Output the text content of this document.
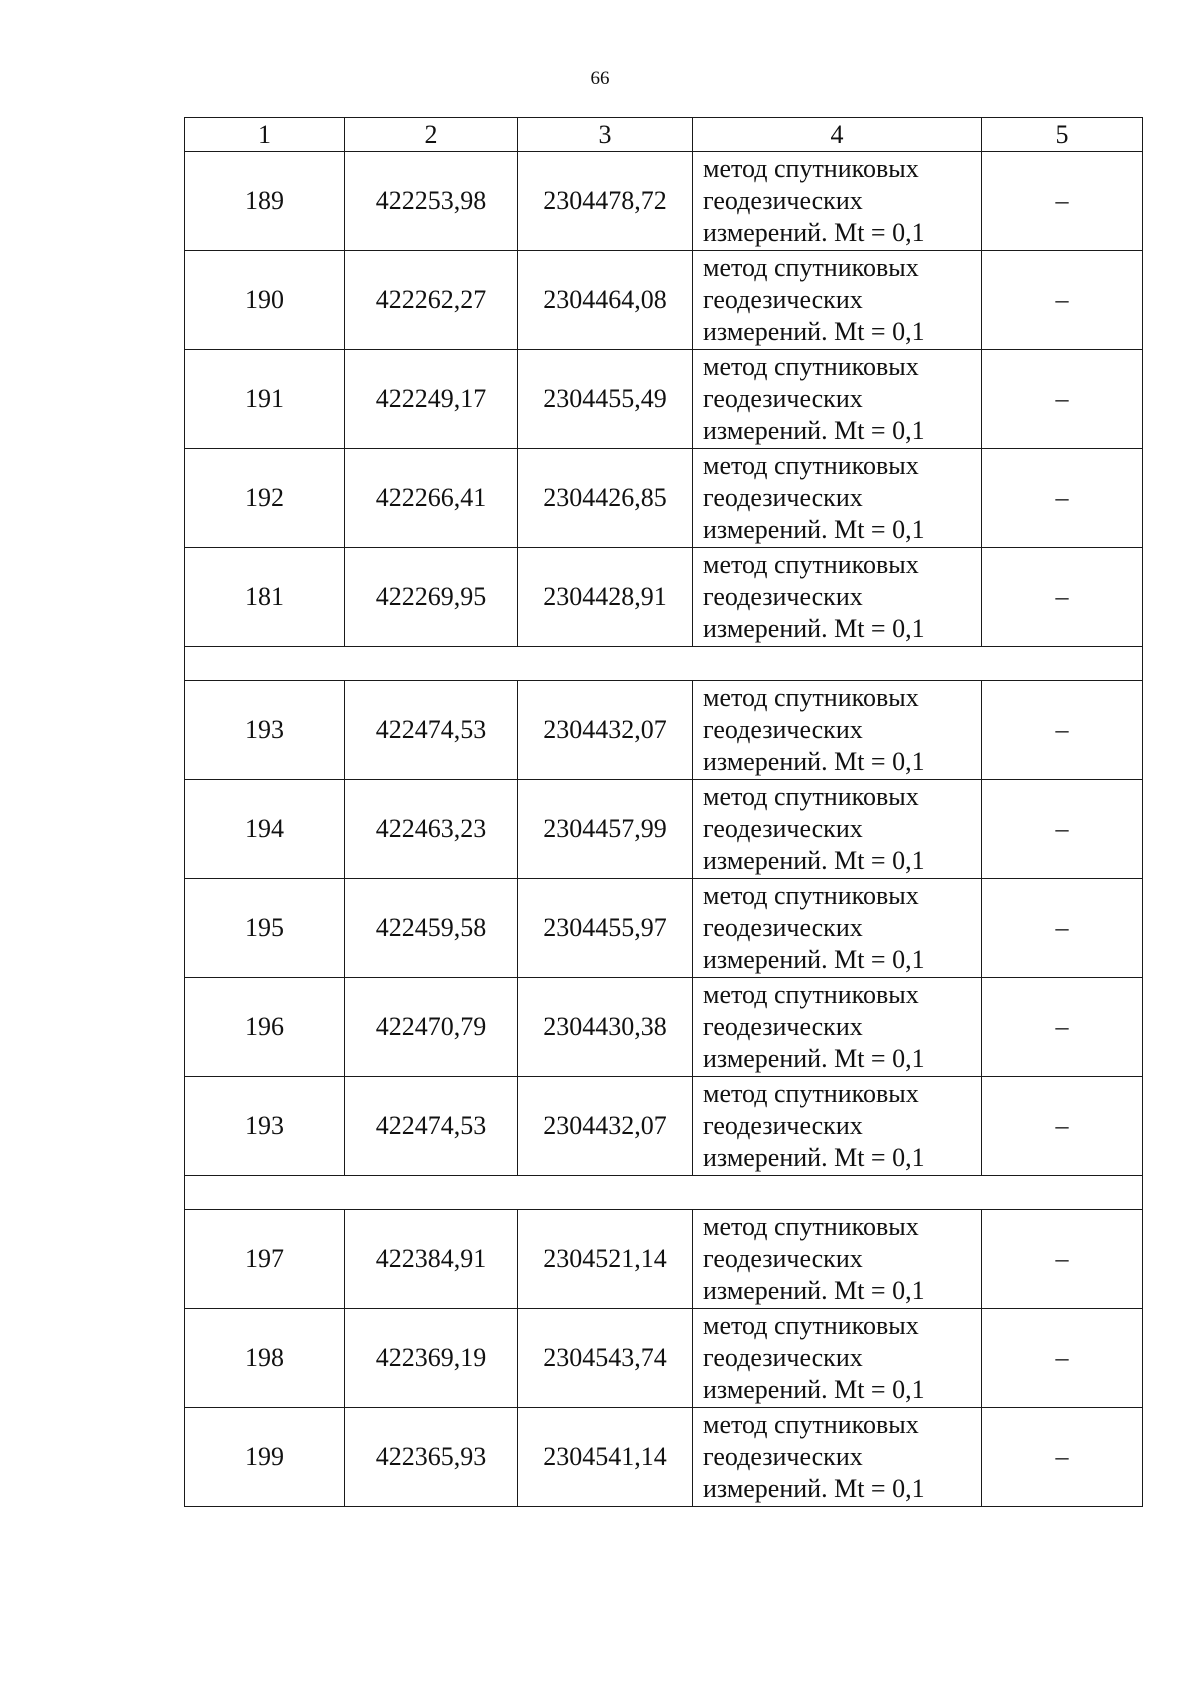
66
1	2	3	4	5
189	422253,98	2304478,72	метод спутниковых
геодезических
измерений. Mt = 0,1	–
190	422262,27	2304464,08	метод спутниковых
геодезических
измерений. Mt = 0,1	–
191	422249,17	2304455,49	метод спутниковых
геодезических
измерений. Mt = 0,1	–
192	422266,41	2304426,85	метод спутниковых
геодезических
измерений. Mt = 0,1	–
181	422269,95	2304428,91	метод спутниковых
геодезических
измерений. Mt = 0,1	–

193	422474,53	2304432,07	метод спутниковых
геодезических
измерений. Mt = 0,1	–
194	422463,23	2304457,99	метод спутниковых
геодезических
измерений. Mt = 0,1	–
195	422459,58	2304455,97	метод спутниковых
геодезических
измерений. Mt = 0,1	–
196	422470,79	2304430,38	метод спутниковых
геодезических
измерений. Mt = 0,1	–
193	422474,53	2304432,07	метод спутниковых
геодезических
измерений. Mt = 0,1	–

197	422384,91	2304521,14	метод спутниковых
геодезических
измерений. Mt = 0,1	–
198	422369,19	2304543,74	метод спутниковых
геодезических
измерений. Mt = 0,1	–
199	422365,93	2304541,14	метод спутниковых
геодезических
измерений. Mt = 0,1	–
